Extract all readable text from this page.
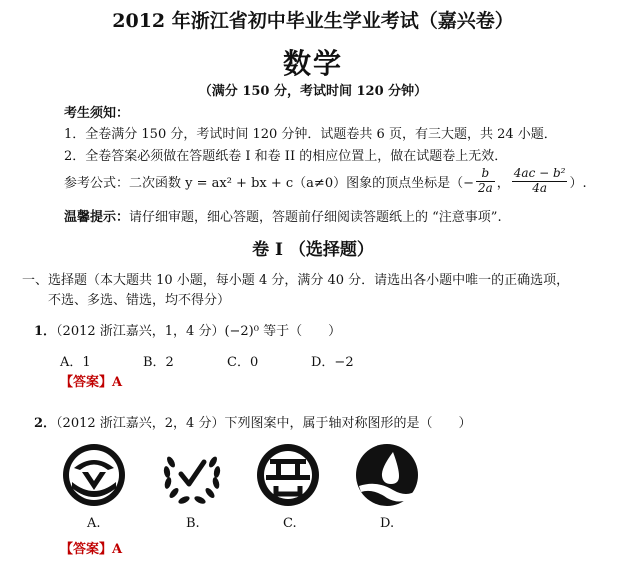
2012 年浙江省初中毕业生学业考试（嘉兴卷）
数学
（满分 150 分，考试时间 120 分钟）
考生须知：
1．全卷满分 150 分，考试时间 120 分钟．试题卷共 6 页，有三大题，共 24 小题．
2．全卷答案必须做在答题纸卷 I 和卷 II 的相应位置上，做在试题卷上无效．
参考公式：二次函数 y = ax² + bx + c（a≠0）图象的顶点坐标是（− $\frac{b}{2a}$ ， $\frac{\text{4ac − b²}}{4a}$ ）.
温馨提示：请仔细审题，细心答题，答题前仔细阅读答题纸上的 “注意事项”.
卷 I （选择题）
一、选择题（本大题共 10 小题，每小题 4 分，满分 40 分．请选出各小题中唯一的正确选项，
不选、多选、错选，均不得分）
1．（2012 浙江嘉兴，1，4 分）(−2)⁰ 等于（　　）
A．1	B．2	C．0	D．−2
【答案】A
2．（2012 浙江嘉兴，2，4 分）下列图案中，属于轴对称图形的是（　　）
A.	B.	C.	D.
【答案】A
